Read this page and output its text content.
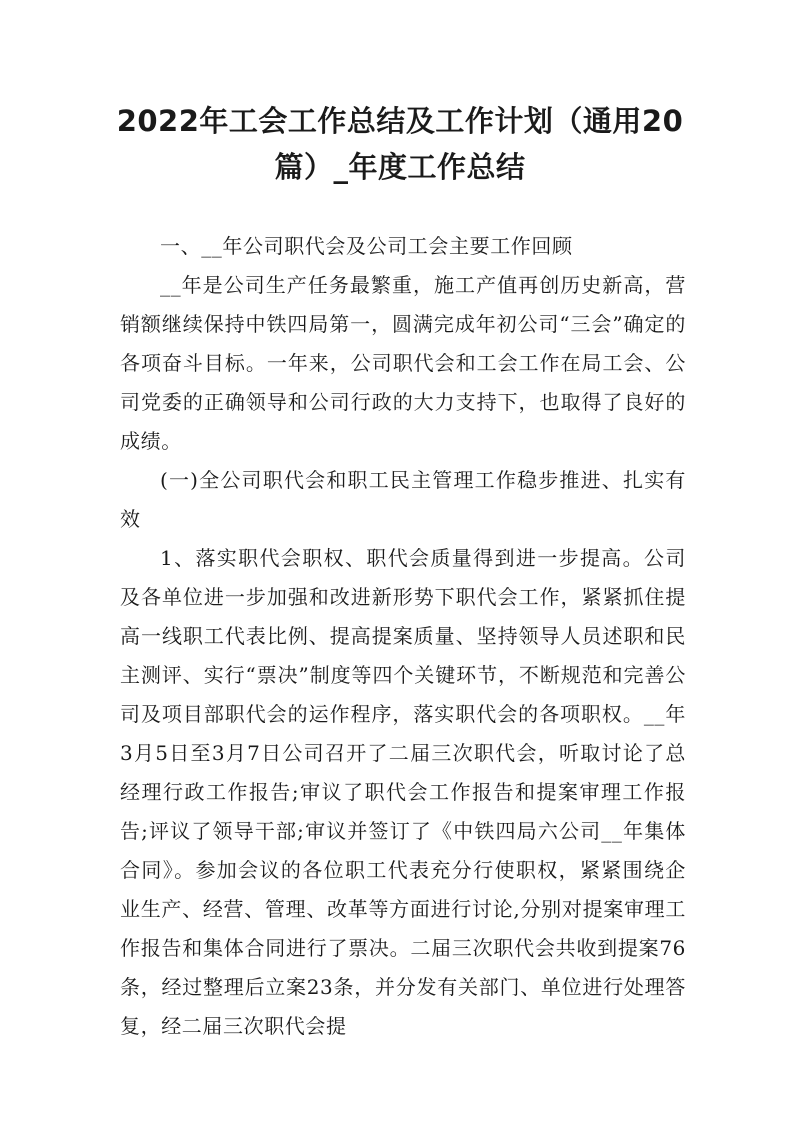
2022年工会工作总结及工作计划（通用20篇）_年度工作总结

一、__年公司职代会及公司工会主要工作回顾

__年是公司生产任务最繁重，施工产值再创历史新高，营销额继续保持中铁四局第一，圆满完成年初公司“三会”确定的各项奋斗目标。一年来，公司职代会和工会工作在局工会、公司党委的正确领导和公司行政的大力支持下，也取得了良好的成绩。

(一)全公司职代会和职工民主管理工作稳步推进、扎实有效

1、落实职代会职权、职代会质量得到进一步提高。公司及各单位进一步加强和改进新形势下职代会工作，紧紧抓住提高一线职工代表比例、提高提案质量、坚持领导人员述职和民主测评、实行“票决”制度等四个关键环节，不断规范和完善公司及项目部职代会的运作程序，落实职代会的各项职权。__年3月5日至3月7日公司召开了二届三次职代会，听取讨论了总经理行政工作报告;审议了职代会工作报告和提案审理工作报告;评议了领导干部;审议并签订了《中铁四局六公司__年集体合同》。参加会议的各位职工代表充分行使职权，紧紧围绕企业生产、经营、管理、改革等方面进行讨论,分别对提案审理工作报告和集体合同进行了票决。二届三次职代会共收到提案76条，经过整理后立案23条，并分发有关部门、单位进行处理答复，经二届三次职代会提
